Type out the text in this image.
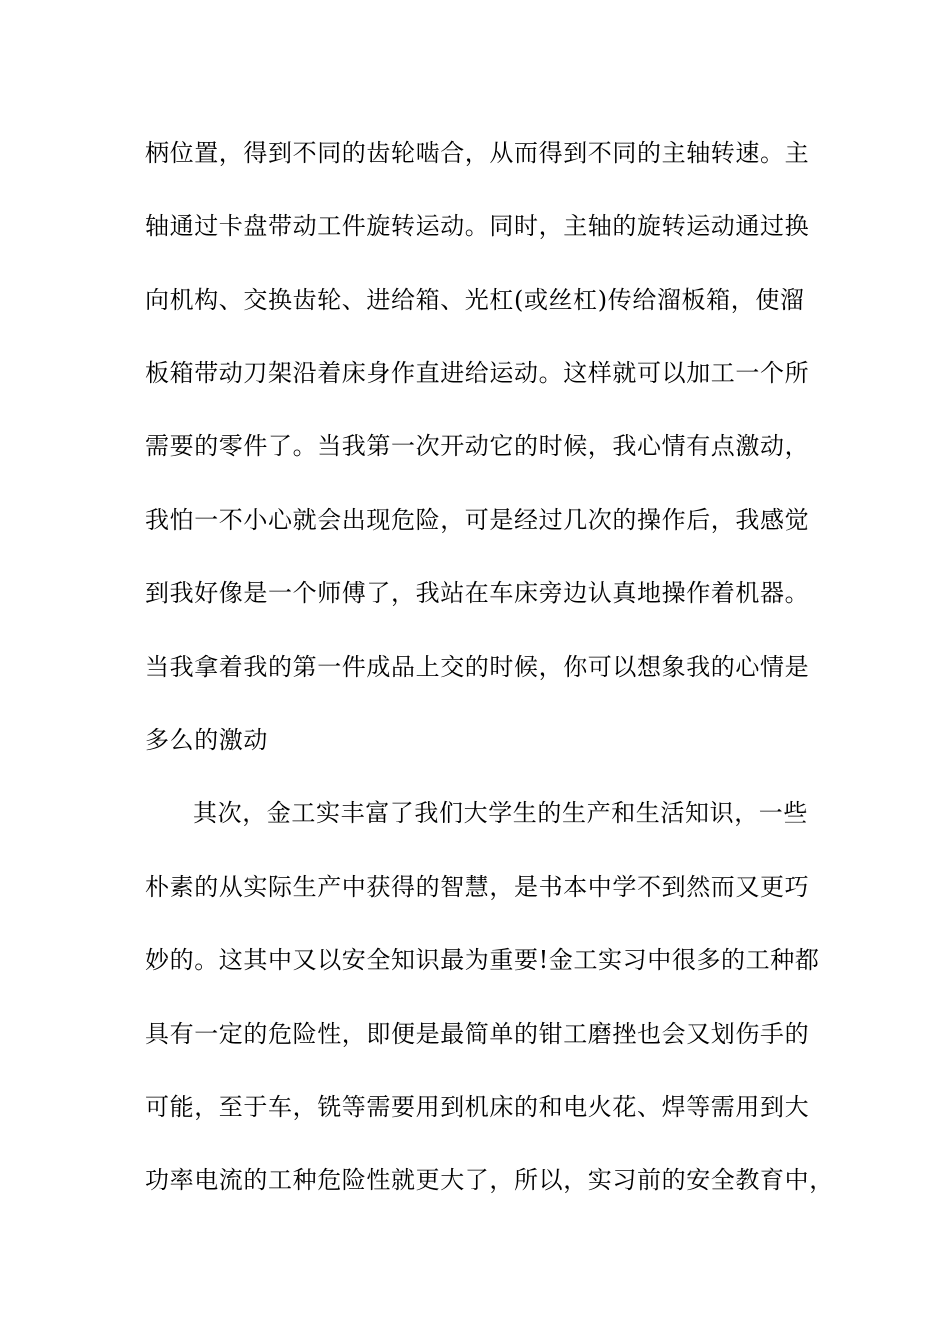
柄位置，得到不同的齿轮啮合，从而得到不同的主轴转速。主
轴通过卡盘带动工件旋转运动。同时，主轴的旋转运动通过换
向机构、交换齿轮、进给箱、光杠(或丝杠)传给溜板箱，使溜
板箱带动刀架沿着床身作直进给运动。这样就可以加工一个所
需要的零件了。当我第一次开动它的时候，我心情有点激动，
我怕一不小心就会出现危险，可是经过几次的操作后，我感觉
到我好像是一个师傅了，我站在车床旁边认真地操作着机器。
当我拿着我的第一件成品上交的时候，你可以想象我的心情是
多么的激动
其次，金工实丰富了我们大学生的生产和生活知识，一些
朴素的从实际生产中获得的智慧，是书本中学不到然而又更巧
妙的。这其中又以安全知识最为重要!金工实习中很多的工种都
具有一定的危险性，即便是最简单的钳工磨挫也会又划伤手的
可能，至于车，铣等需要用到机床的和电火花、焊等需用到大
功率电流的工种危险性就更大了，所以，实习前的安全教育中，
